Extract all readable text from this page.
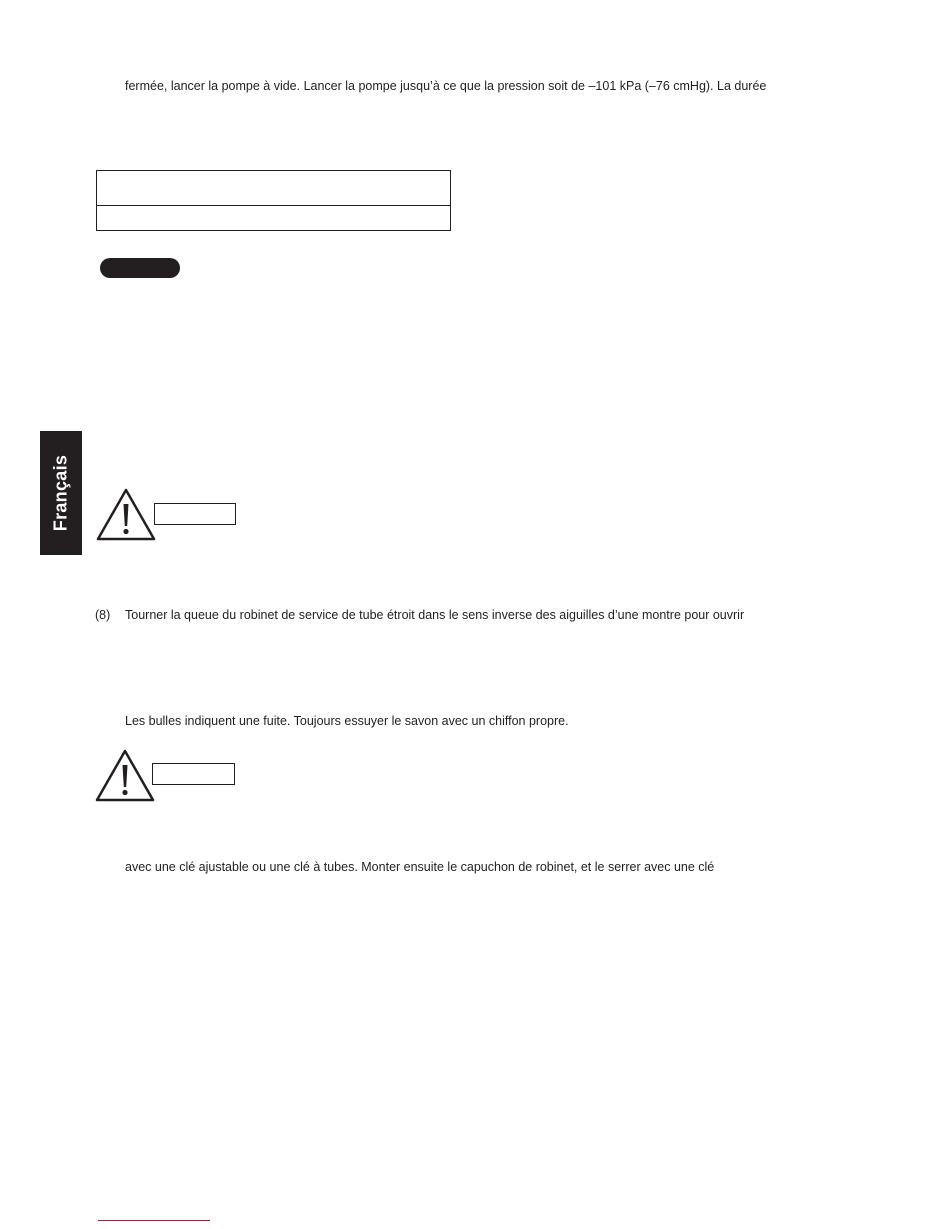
fermée, lancer la pompe à vide. Lancer la pompe jusqu’à ce que la pression soit de –101 kPa (–76 cmHg). La durée
Français
(8) Tourner la queue du robinet de service de tube étroit dans le sens inverse des aiguilles d’une montre pour ouvrir
Les bulles indiquent une fuite. Toujours essuyer le savon avec un chiffon propre.
avec une clé ajustable ou une clé à tubes. Monter ensuite le capuchon de robinet, et le serrer avec une clé
